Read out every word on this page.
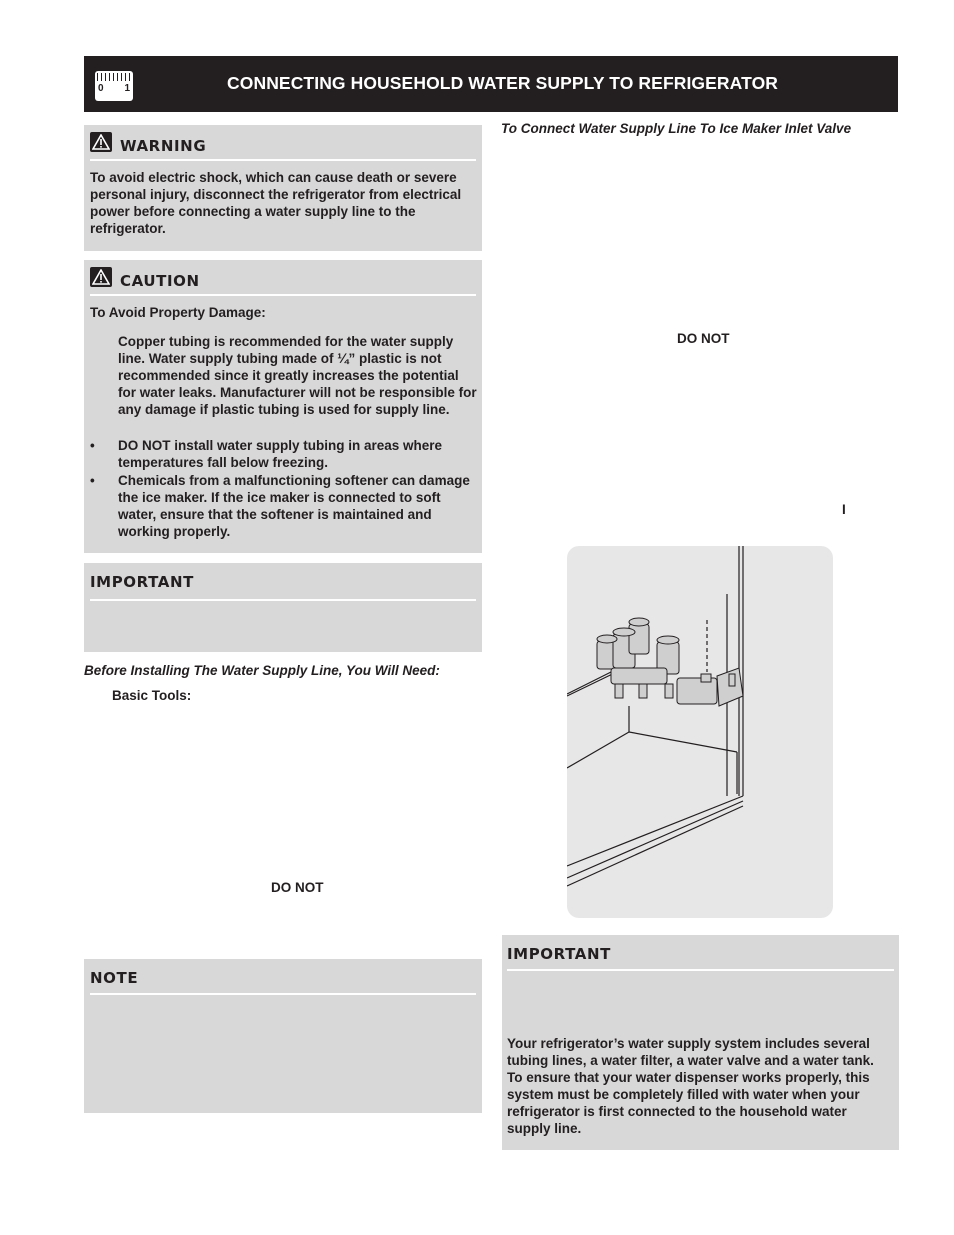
0 1	CONNECTING HOUSEHOLD WATER SUPPLY TO REFRIGERATOR
WARNING
To avoid electric shock, which can cause death or severe personal injury, disconnect the refrigerator from electrical power before connecting a water supply line to the refrigerator.
CAUTION
To Avoid Property Damage:
Copper tubing is recommended for the water supply line. Water supply tubing made of ¼” plastic is not recommended since it greatly increases the potential for water leaks. Manufacturer will not be responsible for any damage if plastic tubing is used for supply line.
• DO NOT install water supply tubing in areas where temperatures fall below freezing.
• Chemicals from a malfunctioning softener can damage the ice maker. If the ice maker is connected to soft water, ensure that the softener is maintained and working properly.
IMPORTANT
Before Installing The Water Supply Line, You Will Need:
Basic Tools:
DO NOT
NOTE
To Connect Water Supply Line To Ice Maker Inlet Valve
DO NOT
I
IMPORTANT
Your refrigerator’s water supply system includes several tubing lines, a water filter, a water valve and a water tank. To ensure that your water dispenser works properly, this system must be completely filled with water when your refrigerator is first connected to the household water supply line.
